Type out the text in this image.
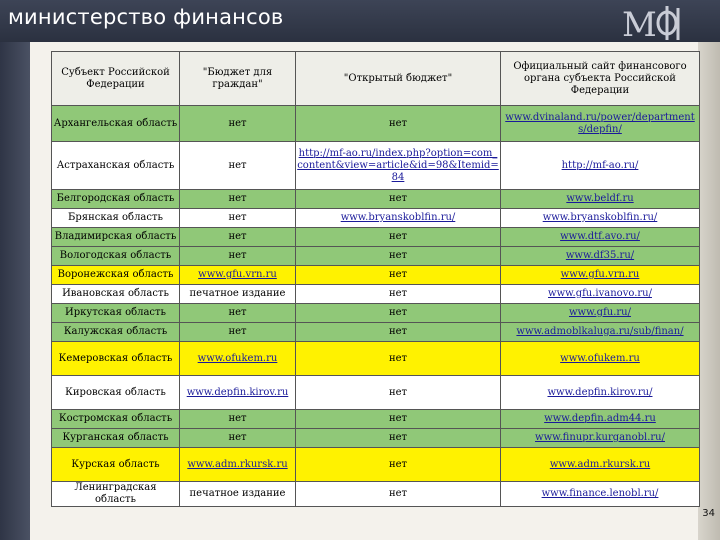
министерство финансов	М
Субъект Российской Федерации	"Бюджет для граждан"	"Открытый бюджет"	Официальный сайт финансового органа субъекта Российской Федерации
Архангельская область	нет	нет	www.dvinaland.ru/power/departments/depfin/
Астраханская область	нет	http://mf-ao.ru/index.php?option=com_content&view=article&id=98&Itemid=84	http://mf-ao.ru/
Белгородская область	нет	нет	www.beldf.ru
Брянская область	нет	www.bryanskoblfin.ru/	www.bryanskoblfin.ru/
Владимирская область	нет	нет	www.dtf.avo.ru/
Вологодская область	нет	нет	www.df35.ru/
Воронежская область	www.gfu.vrn.ru	нет	www.gfu.vrn.ru
Ивановская область	печатное издание	нет	www.gfu.ivanovo.ru/
Иркутская область	нет	нет	www.gfu.ru/
Калужская область	нет	нет	www.admoblkaluga.ru/sub/finan/
Кемеровская область	www.ofukem.ru	нет	www.ofukem.ru
Кировская область	www.depfin.kirov.ru	нет	www.depfin.kirov.ru/
Костромская область	нет	нет	www.depfin.adm44.ru
Курганская область	нет	нет	www.finupr.kurganobl.ru/
Курская область	www.adm.rkursk.ru	нет	www.adm.rkursk.ru
Ленинградская область	печатное издание	нет	www.finance.lenobl.ru/
34
